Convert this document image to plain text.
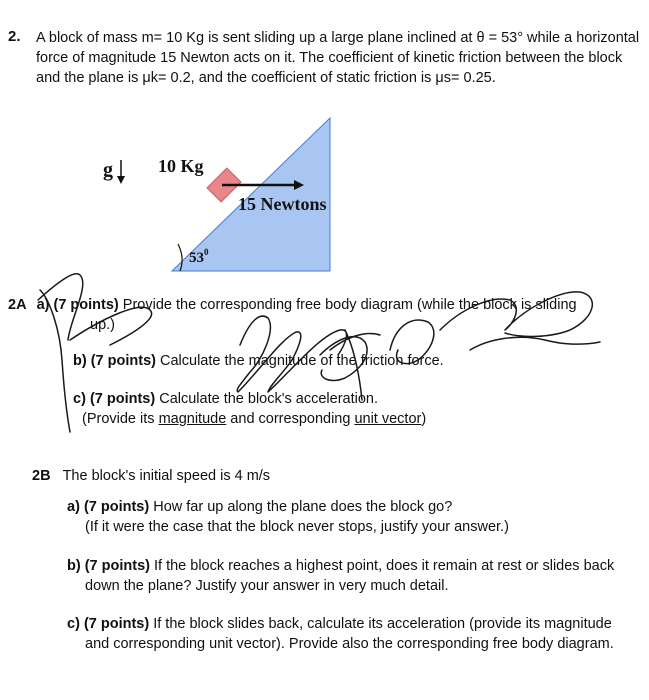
2. A block of mass m= 10 Kg is sent sliding up a large plane inclined at θ = 53° while a horizontal
force of magnitude 15 Newton acts on it. The coefficient of kinetic friction between the block
and the plane is μk= 0.2, and the coefficient of static friction is μs= 0.25.
g	10 Kg
15 Newtons
$53^0$
2A a) (7 points) Provide the corresponding free body diagram (while the block is sliding
up.)
b) (7 points) Calculate the magnitude of the friction force.
c) (7 points) Calculate the block's acceleration.
(Provide its magnitude and corresponding unit vector)
2B The block's initial speed is 4 m/s
a) (7 points) How far up along the plane does the block go?
(If it were the case that the block never stops, justify your answer.)
b) (7 points) If the block reaches a highest point, does it remain at rest or slides back
down the plane? Justify your answer in very much detail.
c) (7 points) If the block slides back, calculate its acceleration (provide its magnitude
and corresponding unit vector). Provide also the corresponding free body diagram.
